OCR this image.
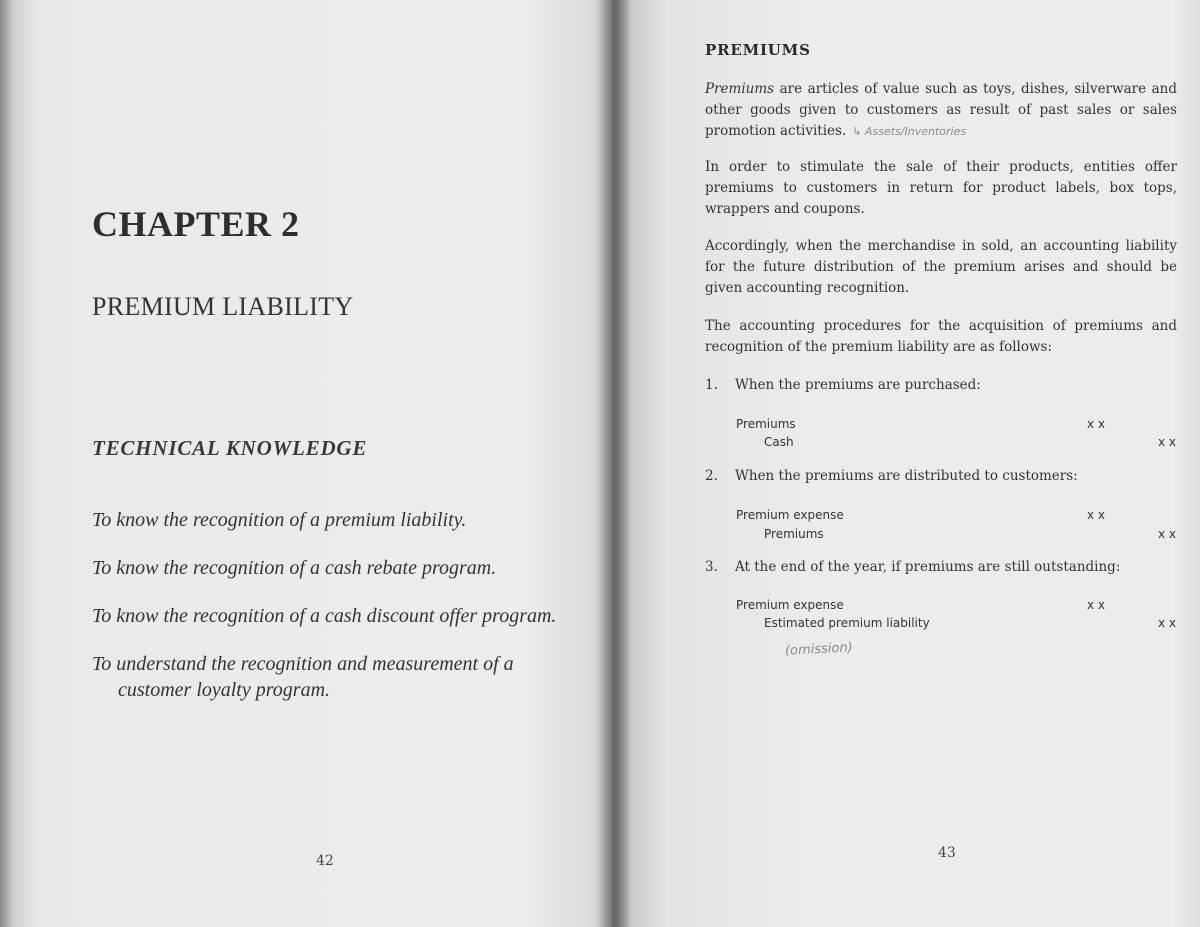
CHAPTER 2
PREMIUM LIABILITY
TECHNICAL KNOWLEDGE
To know the recognition of a premium liability.
To know the recognition of a cash rebate program.
To know the recognition of a cash discount offer program.
To understand the recognition and measurement of a customer loyalty program.
42
PREMIUMS

Premiums are articles of value such as toys, dishes, silverware and other goods given to customers as result of past sales or sales promotion activities. ↳ Assets/Inventories

In order to stimulate the sale of their products, entities offer premiums to customers in return for product labels, box tops, wrappers and coupons.

Accordingly, when the merchandise in sold, an accounting liability for the future distribution of the premium arises and should be given accounting recognition.

The accounting procedures for the acquisition of premiums and recognition of the premium liability are as follows:

1. When the premiums are purchased:

Premiums	x x
Cash	x x

2. When the premiums are distributed to customers:

Premium expense	x x
Premiums	x x

3. At the end of the year, if premiums are still outstanding:

Premium expense	x x
Estimated premium liability	x x
(omission)
43
